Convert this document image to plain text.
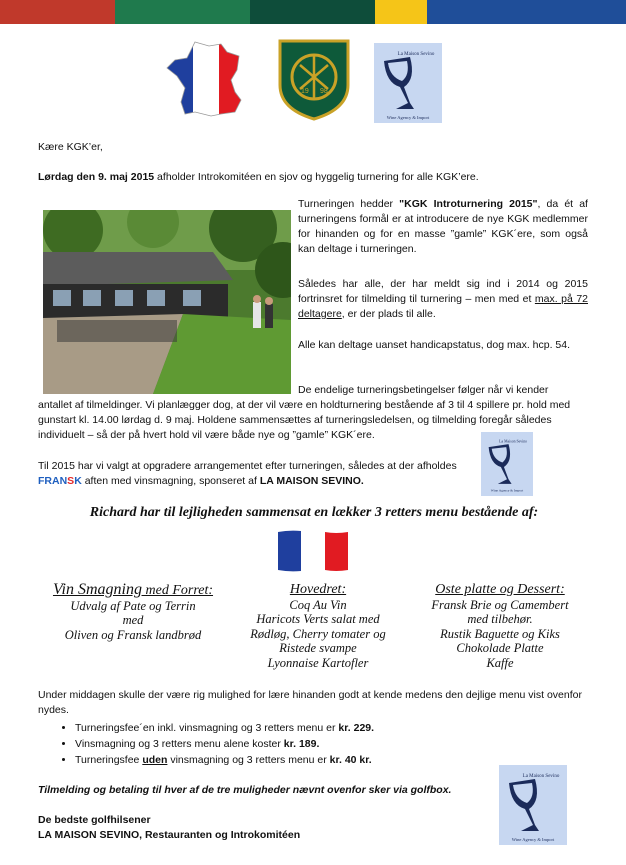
19 98
La Maison Sevino
Wine Agency & Import
Kære KGK’er,
Lørdag den 9. maj 2015 afholder Introkomitéen en sjov og hyggelig turnering for alle KGK’ere.
Turneringen hedder "KGK Introturnering 2015", da ét af turneringens formål er at introducere de nye KGK medlemmer for hinanden og for en masse ”gamle” KGK´ere, som også kan deltage i turneringen.
Således har alle, der har meldt sig ind i 2014 og 2015 fortrinsret for tilmelding til turnering – men med et max. på 72 deltagere, er der plads til alle.
Alle kan deltage uanset handicapstatus, dog max. hcp. 54.
De endelige turneringsbetingelser følger når vi kender
antallet af tilmeldinger. Vi planlægger dog, at der vil være en holdturnering bestående af 3 til 4 spillere pr. hold med gunstart kl. 14.00 lørdag d. 9 maj. Holdene sammensættes af turneringsledelsen, og tilmelding foregår således individuelt – så der på hvert hold vil være både nye og ”gamle” KGK´ere.
Til 2015 har vi valgt at opgradere arrangementet efter turneringen, således at der afholdes FRANSK aften med vinsmagning, sponseret af LA MAISON SEVINO.
La Maison Sevino
Wine Agency & Import
Richard har til lejligheden sammensat en lækker 3 retters menu bestående af:
Vin Smagning med Forret:
Udvalg af Pate og Terrin
med
Oliven og Fransk landbrød
Hovedret:
Coq Au Vin
Haricots Verts salat med
Rødløg, Cherry tomater og
Ristede svampe
Lyonnaise Kartofler
Oste platte og Dessert:
Fransk Brie og Camembert
med tilbehør.
Rustik Baguette og Kiks
Chokolade Platte
Kaffe
Under middagen skulle der være rig mulighed for lære hinanden godt at kende medens den dejlige menu vist ovenfor nydes.
• Turneringsfee´en inkl. vinsmagning og 3 retters menu er kr. 229.
• Vinsmagning og 3 retters menu alene koster kr. 189.
• Turneringsfee uden vinsmagning og 3 retters menu er kr. 40 kr.
Tilmelding og betaling til hver af de tre muligheder nævnt ovenfor sker via golfbox.
La Maison Sevino
Wine Agency & Import
De bedste golfhilsener
LA MAISON SEVINO, Restauranten og Introkomitéen
